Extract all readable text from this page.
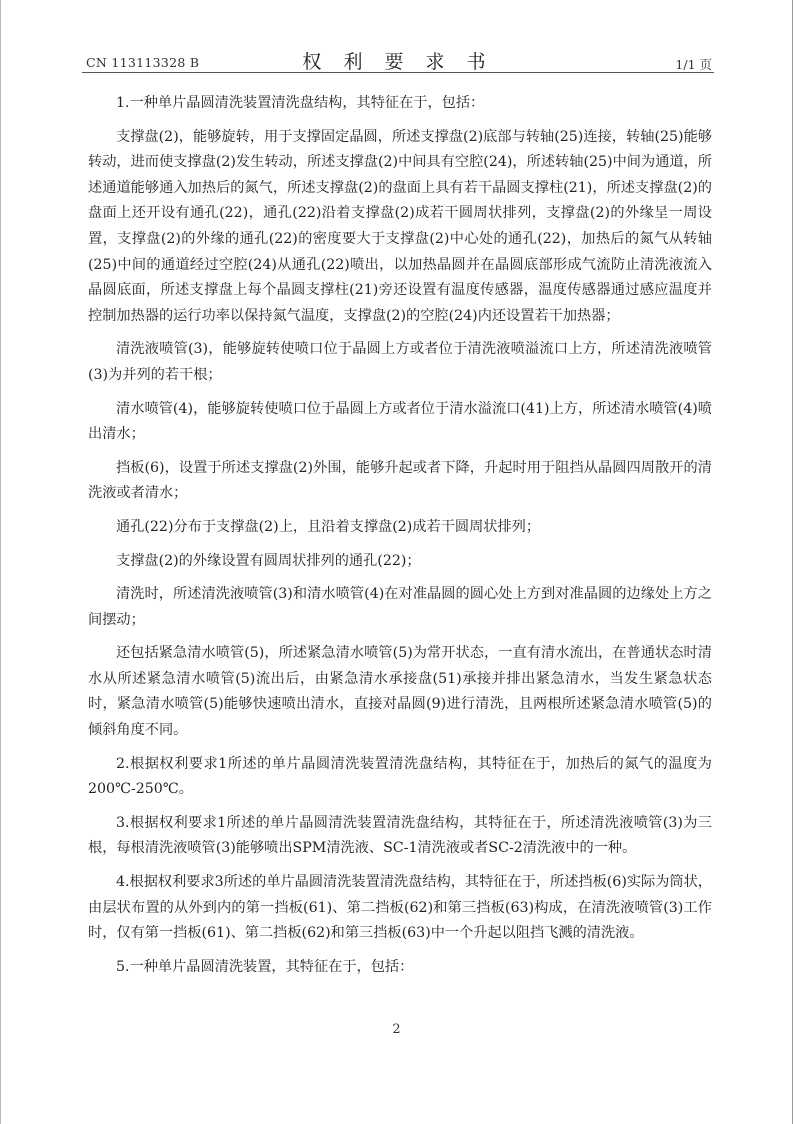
CN 113113328 B	权 利 要 求 书	1/1 页

1.一种单片晶圆清洗装置清洗盘结构，其特征在于，包括：

支撑盘(2)，能够旋转，用于支撑固定晶圆，所述支撑盘(2)底部与转轴(25)连接，转轴(25)能够转动，进而使支撑盘(2)发生转动，所述支撑盘(2)中间具有空腔(24)，所述转轴(25)中间为通道，所述通道能够通入加热后的氮气，所述支撑盘(2)的盘面上具有若干晶圆支撑柱(21)，所述支撑盘(2)的盘面上还开设有通孔(22)，通孔(22)沿着支撑盘(2)成若干圆周状排列，支撑盘(2)的外缘呈一周设置，支撑盘(2)的外缘的通孔(22)的密度要大于支撑盘(2)中心处的通孔(22)，加热后的氮气从转轴(25)中间的通道经过空腔(24)从通孔(22)喷出，以加热晶圆并在晶圆底部形成气流防止清洗液流入晶圆底面，所述支撑盘上每个晶圆支撑柱(21)旁还设置有温度传感器，温度传感器通过感应温度并控制加热器的运行功率以保持氮气温度，支撑盘(2)的空腔(24)内还设置若干加热器；

清洗液喷管(3)，能够旋转使喷口位于晶圆上方或者位于清洗液喷溢流口上方，所述清洗液喷管(3)为并列的若干根；

清水喷管(4)，能够旋转使喷口位于晶圆上方或者位于清水溢流口(41)上方，所述清水喷管(4)喷出清水；

挡板(6)，设置于所述支撑盘(2)外围，能够升起或者下降，升起时用于阻挡从晶圆四周散开的清洗液或者清水；

通孔(22)分布于支撑盘(2)上，且沿着支撑盘(2)成若干圆周状排列；

支撑盘(2)的外缘设置有圆周状排列的通孔(22)；

清洗时，所述清洗液喷管(3)和清水喷管(4)在对准晶圆的圆心处上方到对准晶圆的边缘处上方之间摆动；

还包括紧急清水喷管(5)，所述紧急清水喷管(5)为常开状态，一直有清水流出，在普通状态时清水从所述紧急清水喷管(5)流出后，由紧急清水承接盘(51)承接并排出紧急清水，当发生紧急状态时，紧急清水喷管(5)能够快速喷出清水，直接对晶圆(9)进行清洗，且两根所述紧急清水喷管(5)的倾斜角度不同。

2.根据权利要求1所述的单片晶圆清洗装置清洗盘结构，其特征在于，加热后的氮气的温度为200℃-250℃。

3.根据权利要求1所述的单片晶圆清洗装置清洗盘结构，其特征在于，所述清洗液喷管(3)为三根，每根清洗液喷管(3)能够喷出SPM清洗液、SC-1清洗液或者SC-2清洗液中的一种。

4.根据权利要求3所述的单片晶圆清洗装置清洗盘结构，其特征在于，所述挡板(6)实际为筒状，由层状布置的从外到内的第一挡板(61)、第二挡板(62)和第三挡板(63)构成，在清洗液喷管(3)工作时，仅有第一挡板(61)、第二挡板(62)和第三挡板(63)中一个升起以阻挡飞溅的清洗液。

5.一种单片晶圆清洗装置，其特征在于，包括：

2
